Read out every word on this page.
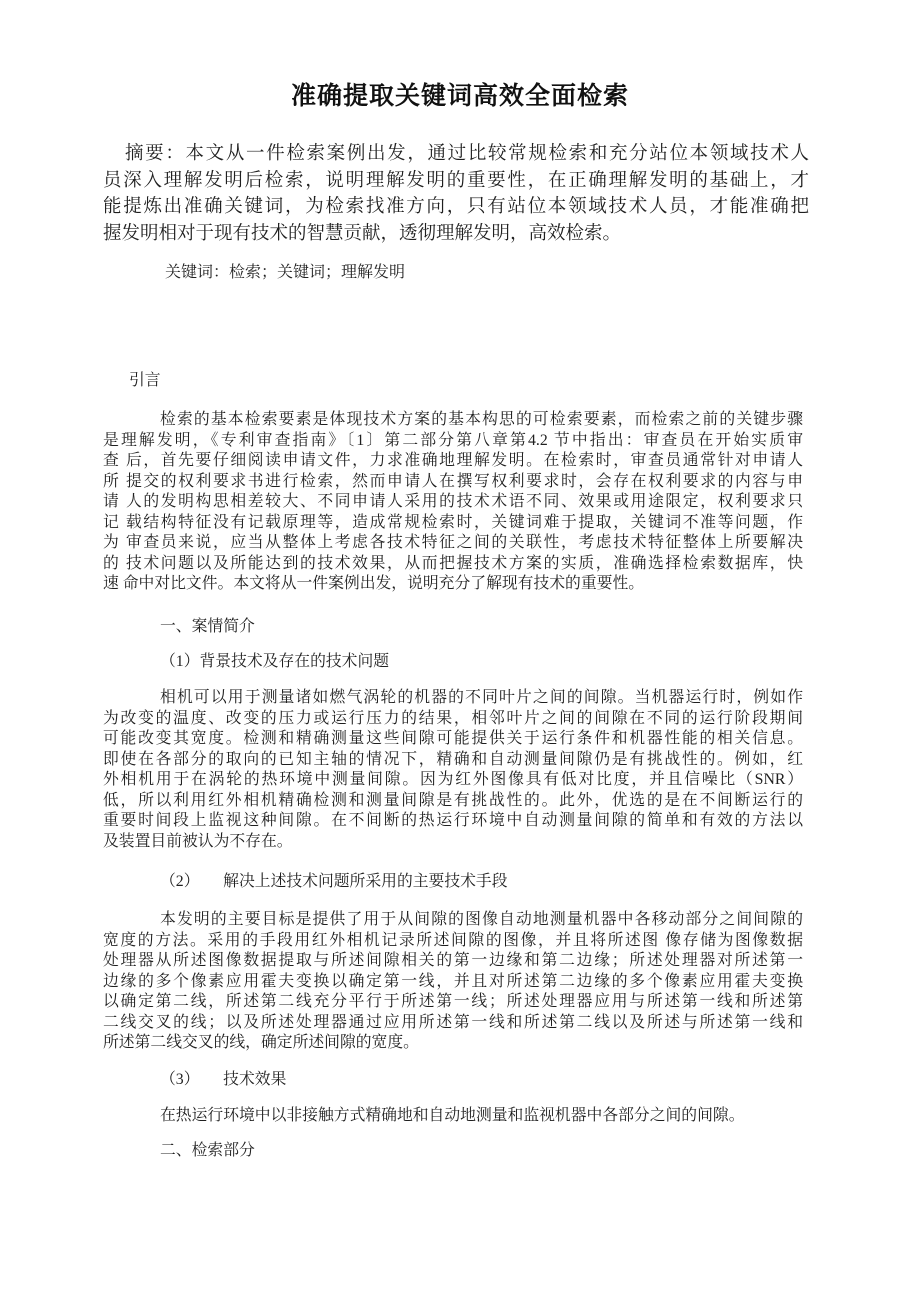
准确提取关键词高效全面检索
摘要：本文从一件检索案例出发，通过比较常规检索和充分站位本领域技术人
员深入理解发明后检索，说明理解发明的重要性，在正确理解发明的基础上，才
能提炼出准确关键词，为检索找准方向，只有站位本领域技术人员，才能准确把
握发明相对于现有技术的智慧贡献，透彻理解发明，高效检索。
关键词：检索；关键词；理解发明
引言
检索的基本检索要素是体现技术方案的基本构思的可检索要素，而检索之前的关键步骤
是理解发明，《专利审查指南》〔1〕第二部分第八章第4.2 节中指出：审查员在开始实质审
查 后，首先要仔细阅读申请文件，力求准确地理解发明。在检索时，审查员通常针对申请人
所 提交的权利要求书进行检索，然而申请人在撰写权利要求时，会存在权利要求的内容与申
请 人的发明构思相差较大、不同申请人采用的技术术语不同、效果或用途限定，权利要求只
记 载结构特征没有记载原理等，造成常规检索时，关键词难于提取，关键词不准等问题，作
为 审查员来说，应当从整体上考虑各技术特征之间的关联性，考虑技术特征整体上所要解决
的 技术问题以及所能达到的技术效果，从而把握技术方案的实质，准确选择检索数据库，快
速 命中对比文件。本文将从一件案例出发，说明充分了解现有技术的重要性。
一、案情简介
（1）背景技术及存在的技术问题
相机可以用于测量诸如燃气涡轮的机器的不同叶片之间的间隙。当机器运行时，例如作
为改变的温度、改变的压力或运行压力的结果，相邻叶片之间的间隙在不同的运行阶段期间
可能改变其宽度。检测和精确测量这些间隙可能提供关于运行条件和机器性能的相关信息。
即使在各部分的取向的已知主轴的情况下，精确和自动测量间隙仍是有挑战性的。例如，红
外相机用于在涡轮的热环境中测量间隙。因为红外图像具有低对比度，并且信噪比（SNR）
低，所以利用红外相机精确检测和测量间隙是有挑战性的。此外，优选的是在不间断运行的
重要时间段上监视这种间隙。在不间断的热运行环境中自动测量间隙的简单和有效的方法以
及装置目前被认为不存在。
（2）　　解决上述技术问题所采用的主要技术手段
本发明的主要目标是提供了用于从间隙的图像自动地测量机器中各移动部分之间间隙的
宽度的方法。采用的手段用红外相机记录所述间隙的图像，并且将所述图 像存储为图像数据
处理器从所述图像数据提取与所述间隙相关的第一边缘和第二边缘；所述处理器对所述第一
边缘的多个像素应用霍夫变换以确定第一线，并且对所述第二边缘的多个像素应用霍夫变换
以确定第二线，所述第二线充分平行于所述第一线；所述处理器应用与所述第一线和所述第
二线交叉的线；以及所述处理器通过应用所述第一线和所述第二线以及所述与所述第一线和
所述第二线交叉的线，确定所述间隙的宽度。
（3）　　技术效果
在热运行环境中以非接触方式精确地和自动地测量和监视机器中各部分之间的间隙。
二、检索部分
